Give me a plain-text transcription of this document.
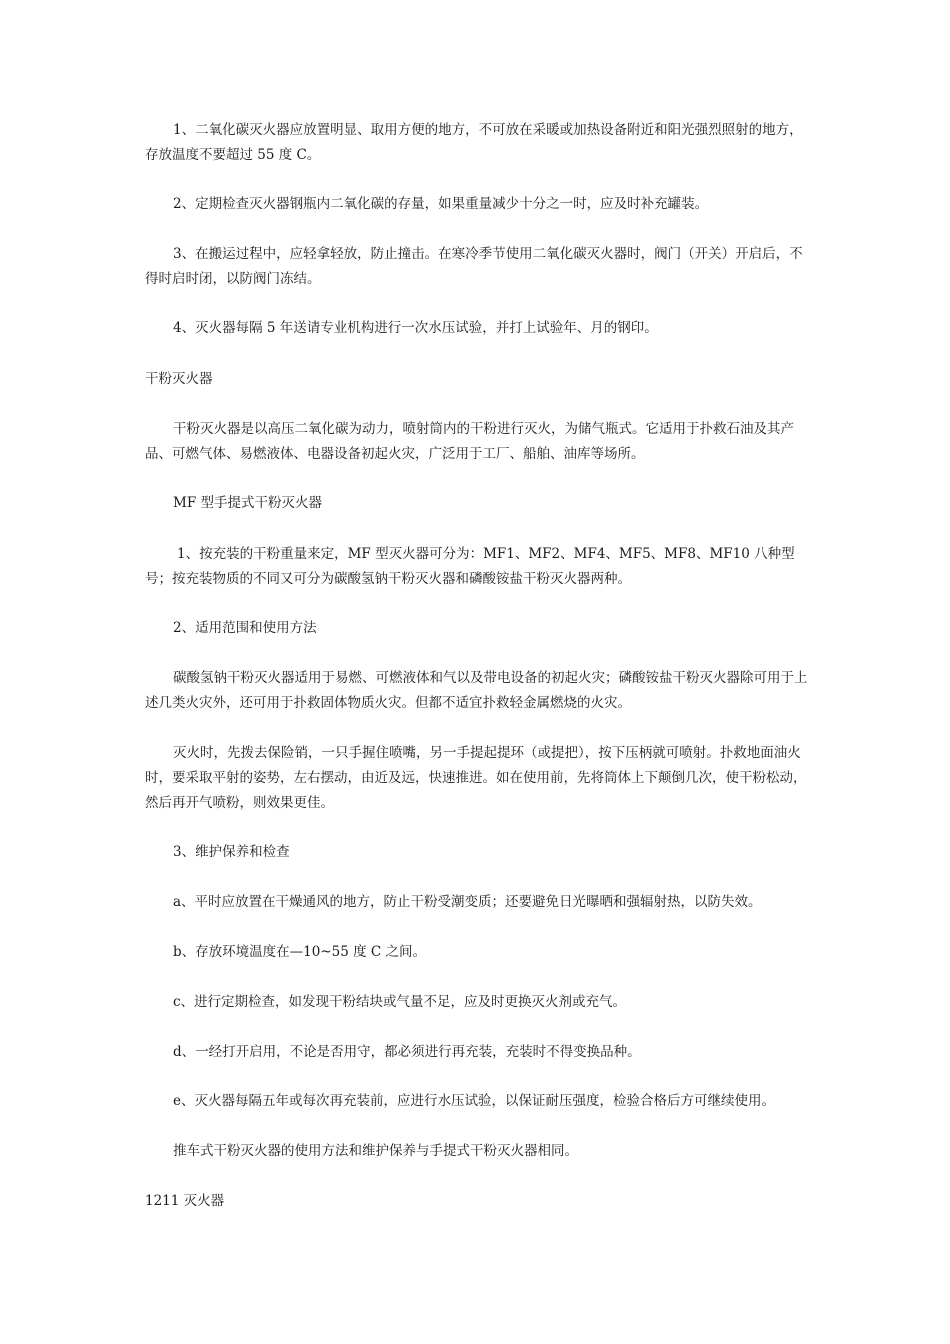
1、二氧化碳灭火器应放置明显、取用方便的地方，不可放在采暖或加热设备附近和阳光强烈照射的地方，存放温度不要超过 55 度 C。

2、定期检查灭火器钢瓶内二氧化碳的存量，如果重量减少十分之一时，应及时补充罐装。

3、在搬运过程中，应轻拿轻放，防止撞击。在寒冷季节使用二氧化碳灭火器时，阀门（开关）开启后，不得时启时闭，以防阀门冻结。

4、灭火器每隔 5 年送请专业机构进行一次水压试验，并打上试验年、月的钢印。

干粉灭火器

干粉灭火器是以高压二氧化碳为动力，喷射筒内的干粉进行灭火，为储气瓶式。它适用于扑救石油及其产品、可燃气体、易燃液体、电器设备初起火灾，广泛用于工厂、船舶、油库等场所。

MF 型手提式干粉灭火器

1、按充装的干粉重量来定，MF 型灭火器可分为：MF1、MF2、MF4、MF5、MF8、MF10 八种型号；按充装物质的不同又可分为碳酸氢钠干粉灭火器和磷酸铵盐干粉灭火器两种。

2、适用范围和使用方法

碳酸氢钠干粉灭火器适用于易燃、可燃液体和气以及带电设备的初起火灾；磷酸铵盐干粉灭火器除可用于上述几类火灾外，还可用于扑救固体物质火灾。但都不适宜扑救轻金属燃烧的火灾。

灭火时，先拨去保险销，一只手握住喷嘴，另一手提起提环（或提把），按下压柄就可喷射。扑救地面油火时，要采取平射的姿势，左右摆动，由近及远，快速推进。如在使用前，先将筒体上下颠倒几次，使干粉松动，然后再开气喷粉，则效果更佳。

3、维护保养和检查

a、平时应放置在干燥通风的地方，防止干粉受潮变质；还要避免日光曝晒和强辐射热，以防失效。

b、存放环境温度在—10~55 度 C 之间。

c、进行定期检查，如发现干粉结块或气量不足，应及时更换灭火剂或充气。

d、一经打开启用，不论是否用守，都必须进行再充装，充装时不得变换品种。

e、灭火器每隔五年或每次再充装前，应进行水压试验，以保证耐压强度，检验合格后方可继续使用。

推车式干粉灭火器的使用方法和维护保养与手提式干粉灭火器相同。

1211 灭火器
